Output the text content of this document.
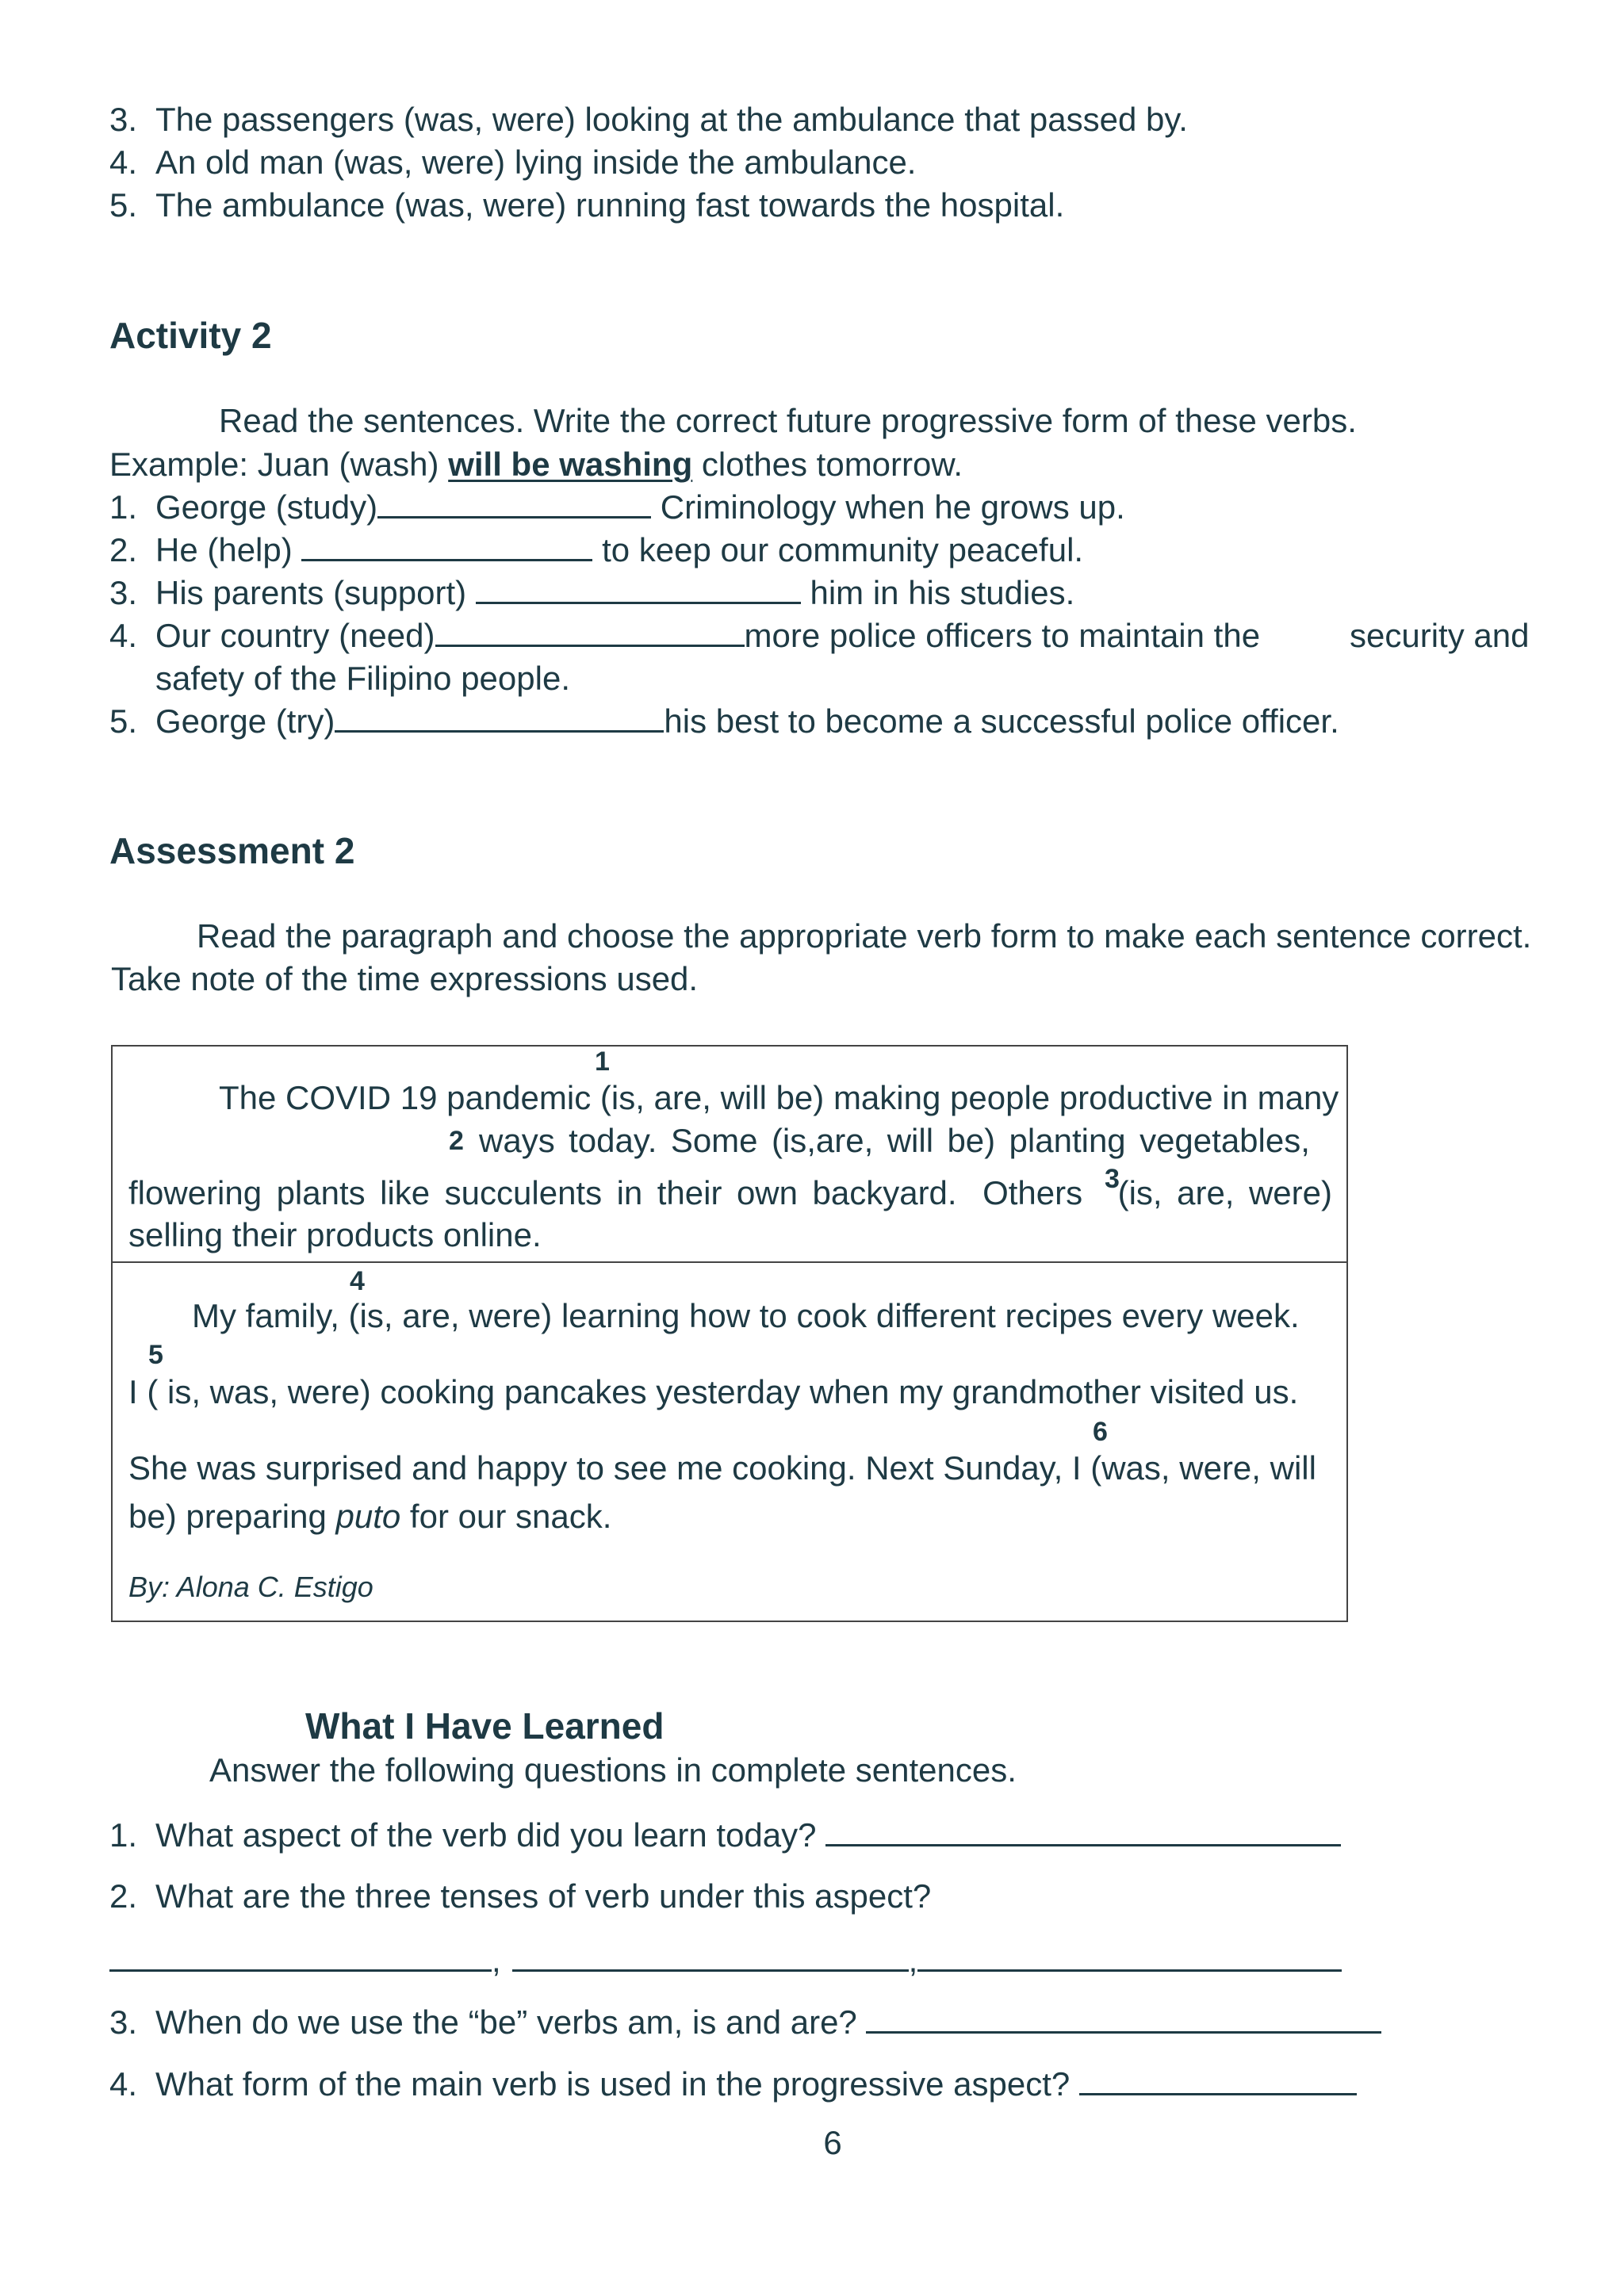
3. The passengers (was, were) looking at the ambulance that passed by.
4. An old man (was, were) lying inside the ambulance.
5. The ambulance (was, were) running fast towards the hospital.
Activity 2
Read the sentences. Write the correct future progressive form of these verbs.
Example: Juan (wash) will be washing clothes tomorrow.
1. George (study)	Criminology when he grows up.
2. He (help)	to keep our community peaceful.
3. His parents (support)	him in his studies.
4. Our country (need)	more police officers to maintain the	security and
safety of the Filipino people.
5. George (try)	his best to become a successful police officer.
Assessment 2
Read the paragraph and choose the appropriate verb form to make each sentence correct.
Take note of the time expressions used.
1
The COVID 19 pandemic (is, are, will be) making people productive in many
2 ways today. Some (is,are, will be) planting vegetables,
3
flowering plants like succulents in their own backyard. Others (is, are, were)
selling their products online.
4
My family, (is, are, were) learning how to cook different recipes every week.
5
I ( is, was, were) cooking pancakes yesterday when my grandmother visited us.
6
She was surprised and happy to see me cooking. Next Sunday, I (was, were, will
be) preparing puto for our snack.
By: Alona C. Estigo
What I Have Learned
Answer the following questions in complete sentences.
1. What aspect of the verb did you learn today?
2. What are the three tenses of verb under this aspect?
,	,
3. When do we use the “be” verbs am, is and are?
4. What form of the main verb is used in the progressive aspect?
6
